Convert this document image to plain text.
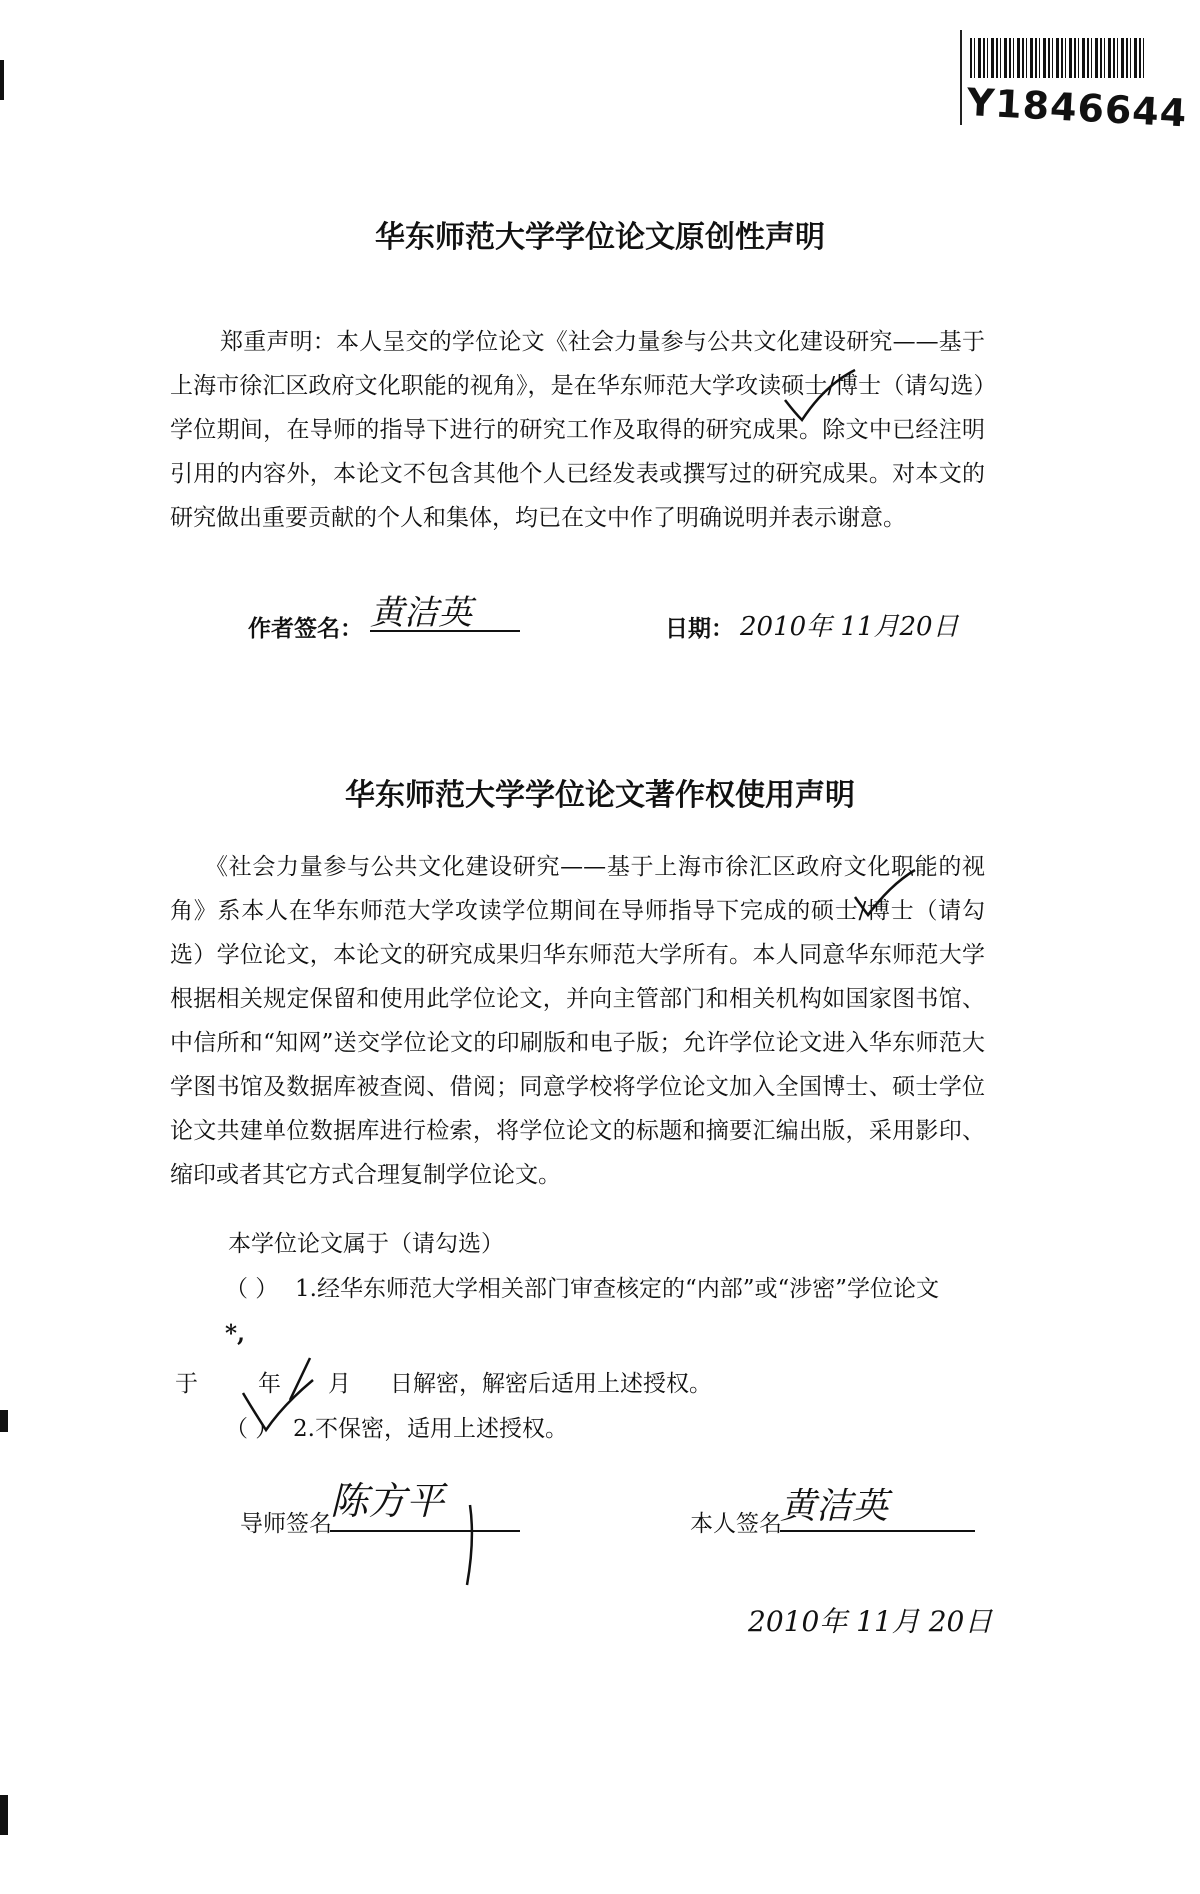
Y1846644
华东师范大学学位论文原创性声明
郑重声明：本人呈交的学位论文《社会力量参与公共文化建设研究——基于上海市徐汇区政府文化职能的视角》，是在华东师范大学攻读硕士/博士（请勾选）学位期间，在导师的指导下进行的研究工作及取得的研究成果。除文中已经注明引用的内容外，本论文不包含其他个人已经发表或撰写过的研究成果。对本文的研究做出重要贡献的个人和集体，均已在文中作了明确说明并表示谢意。
作者签名： 黄洁英	日期： 2010年 11月20日
华东师范大学学位论文著作权使用声明
《社会力量参与公共文化建设研究——基于上海市徐汇区政府文化职能的视角》系本人在华东师范大学攻读学位期间在导师指导下完成的硕士/博士（请勾选）学位论文，本论文的研究成果归华东师范大学所有。本人同意华东师范大学根据相关规定保留和使用此学位论文，并向主管部门和相关机构如国家图书馆、中信所和“知网”送交学位论文的印刷版和电子版；允许学位论文进入华东师范大学图书馆及数据库被查阅、借阅；同意学校将学位论文加入全国博士、硕士学位论文共建单位数据库进行检索，将学位论文的标题和摘要汇编出版，采用影印、缩印或者其它方式合理复制学位论文。
本学位论文属于（请勾选）
（ ） 1.经华东师范大学相关部门审查核定的“内部”或“涉密”学位论文
*,
于	年 月 日解密，解密后适用上述授权。
（ ） 2.不保密，适用上述授权。
导师签名
陈方平
本人签名
黄洁英
2010年 11月 20日
